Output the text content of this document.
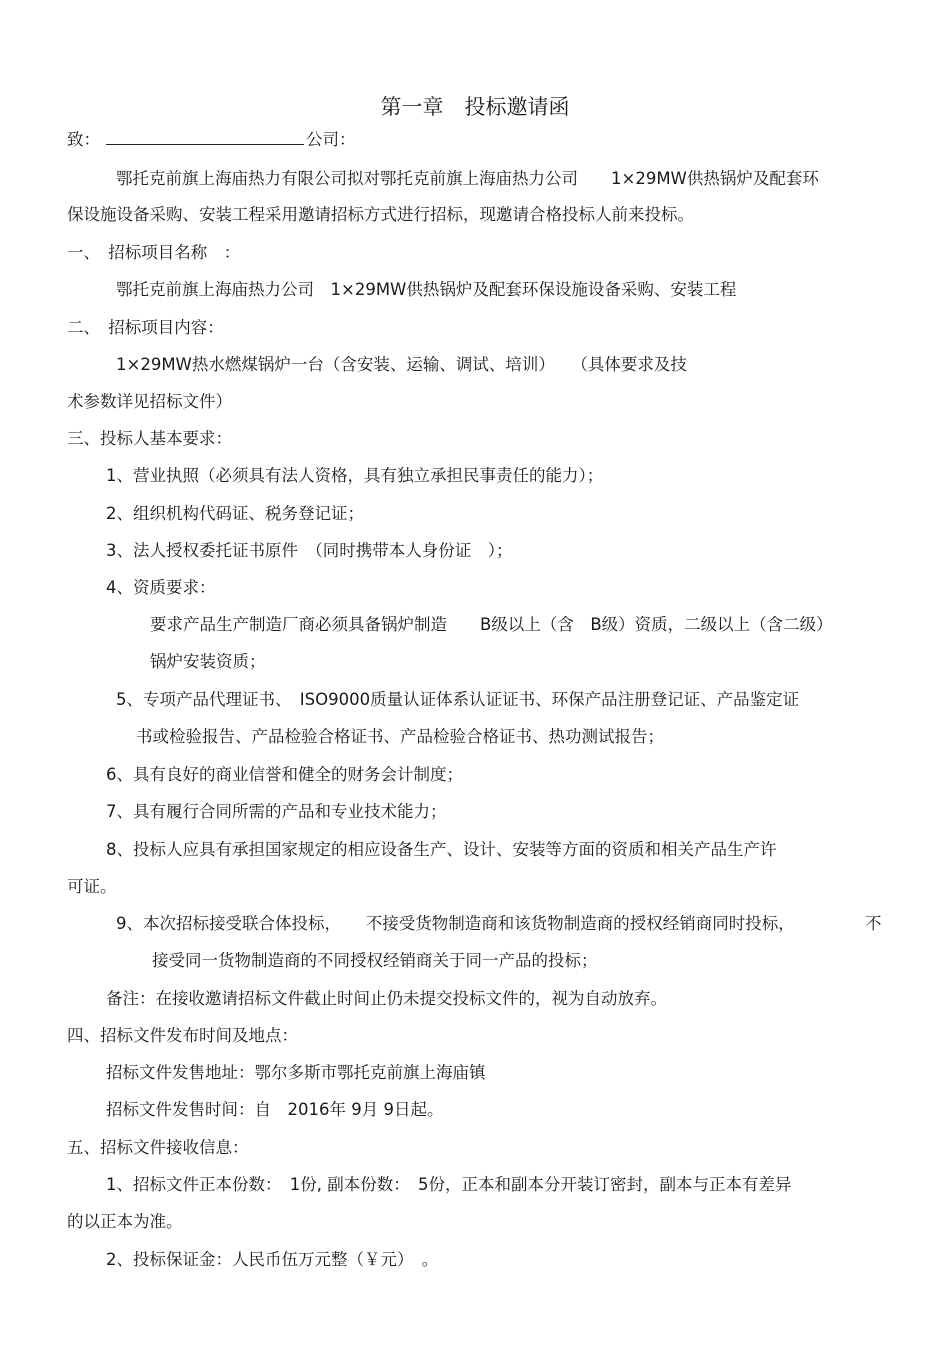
第一章　投标邀请函
致：	公司：
鄂托克前旗上海庙热力有限公司拟对鄂托克前旗上海庙热力公司　　1×29MW供热锅炉及配套环
保设施设备采购、安装工程采用邀请招标方式进行招标，现邀请合格投标人前来投标。
一、　招标项目名称　：
鄂托克前旗上海庙热力公司　1×29MW供热锅炉及配套环保设施设备采购、安装工程
二、　招标项目内容：
1×29MW热水燃煤锅炉一台（含安装、运输、调试、培训）　　（具体要求及技
术参数详见招标文件）
三、投标人基本要求：
1、营业执照（必须具有法人资格，具有独立承担民事责任的能力）；
2、组织机构代码证、税务登记证；
3、法人授权委托证书原件　（同时携带本人身份证　）；
4、资质要求：
要求产品生产制造厂商必须具备锅炉制造　　B级以上（含　B级）资质，二级以上（含二级）
锅炉安装资质；
5、专项产品代理证书、　ISO9000质量认证体系认证证书、环保产品注册登记证、产品鉴定证
书或检验报告、产品检验合格证书、产品检验合格证书、热功测试报告；
6、具有良好的商业信誉和健全的财务会计制度；
7、具有履行合同所需的产品和专业技术能力；
8、投标人应具有承担国家规定的相应设备生产、设计、安装等方面的资质和相关产品生产许
可证。
9、本次招标接受联合体投标，　　不接受货物制造商和该货物制造商的授权经销商同时投标，	不
接受同一货物制造商的不同授权经销商关于同一产品的投标；
备注：在接收邀请招标文件截止时间止仍未提交投标文件的，视为自动放弃。
四、招标文件发布时间及地点：
招标文件发售地址：鄂尔多斯市鄂托克前旗上海庙镇
招标文件发售时间：自　2016年 9月 9日起。
五、招标文件接收信息：
1、招标文件正本份数：　1份, 副本份数：　5份，正本和副本分开装订密封，副本与正本有差异
的以正本为准。
2、投标保证金：人民币伍万元整（￥元）　。
